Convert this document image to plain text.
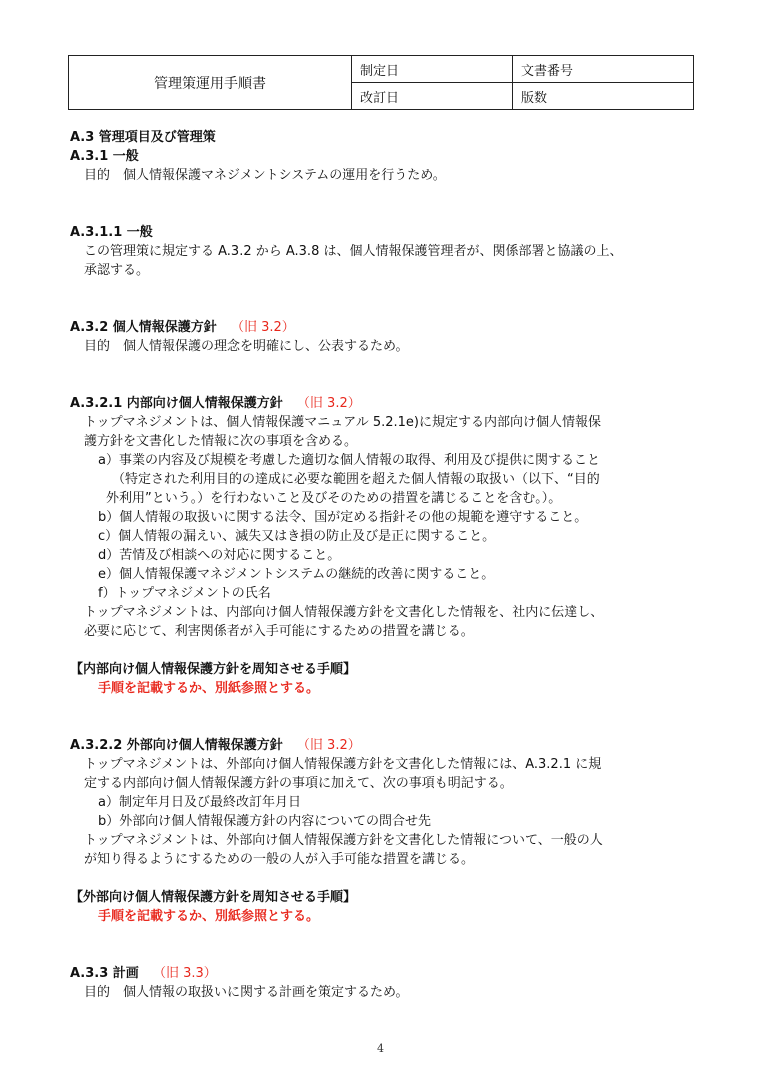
管理策運用手順書	制定日	文書番号
	改訂日	版数
A.3 管理項目及び管理策
A.3.1 一般
目的　個人情報保護マネジメントシステムの運用を行うため。
A.3.1.1 一般
この管理策に規定する A.3.2 から A.3.8 は、個人情報保護管理者が、関係部署と協議の上、
承認する。
A.3.2 個人情報保護方針 （旧 3.2）
目的　個人情報保護の理念を明確にし、公表するため。
A.3.2.1 内部向け個人情報保護方針 （旧 3.2）
トップマネジメントは、個人情報保護マニュアル 5.2.1e)に規定する内部向け個人情報保
護方針を文書化した情報に次の事項を含める。
a）事業の内容及び規模を考慮した適切な個人情報の取得、利用及び提供に関すること
（特定された利用目的の達成に必要な範囲を超えた個人情報の取扱い（以下、“目的
外利用”という。）を行わないこと及びそのための措置を講じることを含む。）。
b）個人情報の取扱いに関する法令、国が定める指針その他の規範を遵守すること。
c）個人情報の漏えい、滅失又はき損の防止及び是正に関すること。
d）苦情及び相談への対応に関すること。
e）個人情報保護マネジメントシステムの継続的改善に関すること。
f）トップマネジメントの氏名
トップマネジメントは、内部向け個人情報保護方針を文書化した情報を、社内に伝達し、
必要に応じて、利害関係者が入手可能にするための措置を講じる。
【内部向け個人情報保護方針を周知させる手順】
手順を記載するか、別紙参照とする。
A.3.2.2 外部向け個人情報保護方針 （旧 3.2）
トップマネジメントは、外部向け個人情報保護方針を文書化した情報には、A.3.2.1 に規
定する内部向け個人情報保護方針の事項に加えて、次の事項も明記する。
a）制定年月日及び最終改訂年月日
b）外部向け個人情報保護方針の内容についての問合せ先
トップマネジメントは、外部向け個人情報保護方針を文書化した情報について、一般の人
が知り得るようにするための一般の人が入手可能な措置を講じる。
【外部向け個人情報保護方針を周知させる手順】
手順を記載するか、別紙参照とする。
A.3.3 計画 （旧 3.3）
目的　個人情報の取扱いに関する計画を策定するため。
4
